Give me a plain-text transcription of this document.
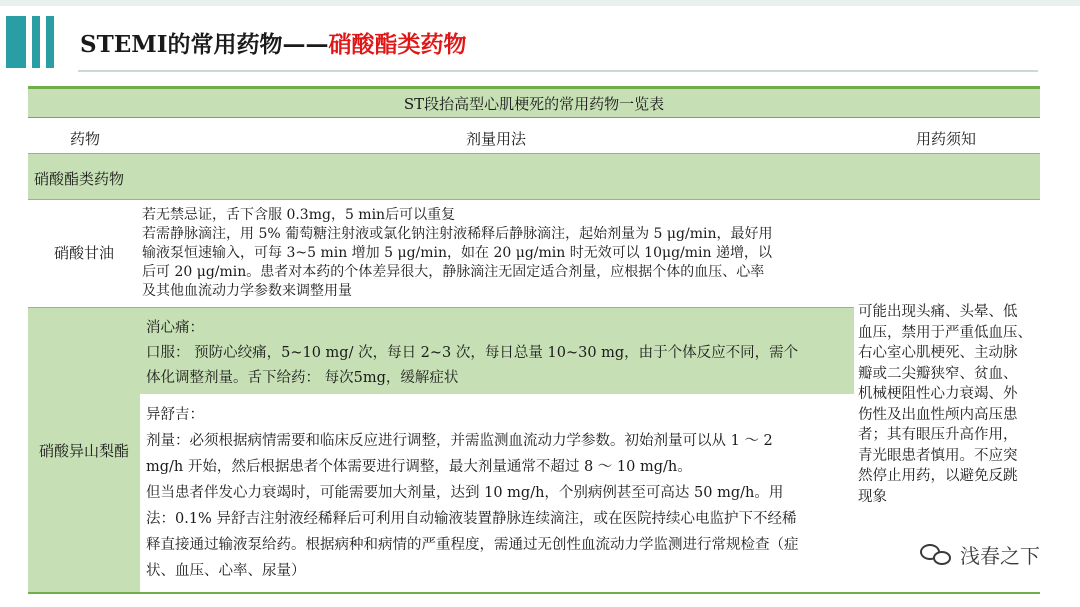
STEMI的常用药物——硝酸酯类药物
ST段抬高型心肌梗死的常用药物一览表
药物	剂量用法	用药须知
硝酸酯类药物
硝酸甘油
若无禁忌证，舌下含服 0.3mg，5 min后可以重复
若需静脉滴注，用 5% 葡萄糖注射液或氯化钠注射液稀释后静脉滴注，起始剂量为 5 μg/min，最好用
输液泵恒速输入，可每 3~5 min 增加 5 μg/min，如在 20 μg/min 时无效可以 10μg/min 递增，以
后可 20 μg/min。患者对本药的个体差异很大，静脉滴注无固定适合剂量，应根据个体的血压、心率
及其他血流动力学参数来调整用量
硝酸异山梨酯
消心痛：
口服： 预防心绞痛，5~10 mg/ 次，每日 2~3 次，每日总量 10~30 mg，由于个体反应不同，需个
体化调整剂量。舌下给药： 每次5mg，缓解症状
异舒吉：
剂量：必须根据病情需要和临床反应进行调整，并需监测血流动力学参数。初始剂量可以从 1 ～ 2
mg/h 开始，然后根据患者个体需要进行调整，最大剂量通常不超过 8 ～ 10 mg/h。
但当患者伴发心力衰竭时，可能需要加大剂量，达到 10 mg/h，个别病例甚至可高达 50 mg/h。用
法：0.1% 异舒吉注射液经稀释后可利用自动输液装置静脉连续滴注，或在医院持续心电监护下不经稀
释直接通过输液泵给药。根据病种和病情的严重程度，需通过无创性血流动力学监测进行常规检查（症
状、血压、心率、尿量）
可能出现头痛、头晕、低
血压，禁用于严重低血压、
右心室心肌梗死、主动脉
瓣或二尖瓣狭窄、贫血、
机械梗阻性心力衰竭、外
伤性及出血性颅内高压患
者；其有眼压升高作用，
青光眼患者慎用。不应突
然停止用药，以避免反跳
现象
浅春之下
